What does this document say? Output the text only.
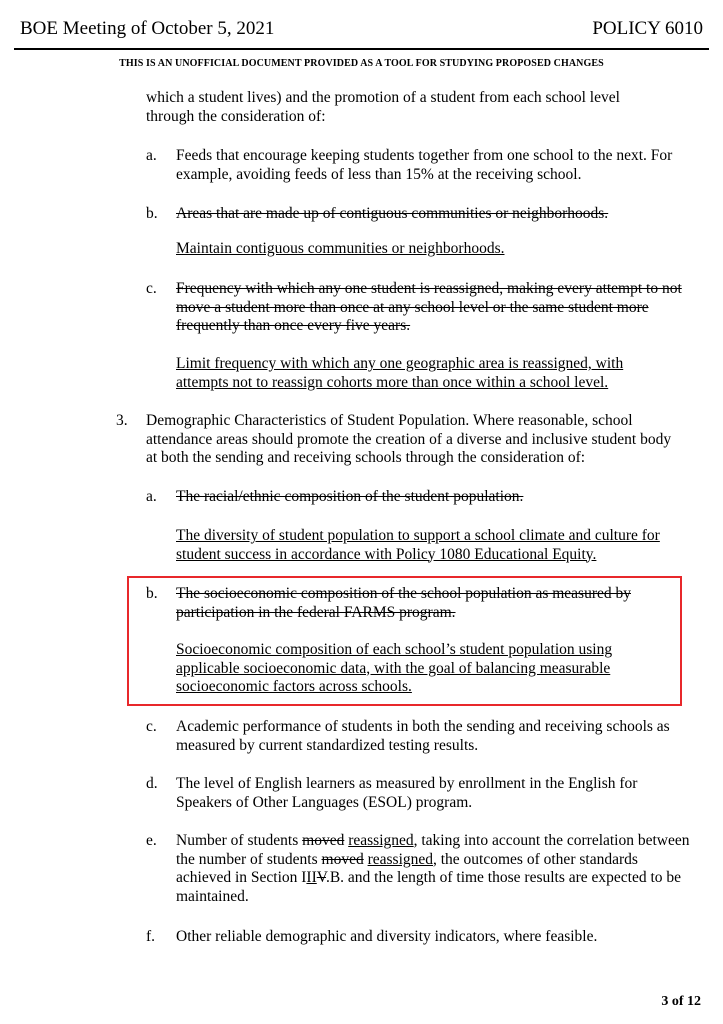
BOE Meeting of October 5, 2021	POLICY 6010
THIS IS AN UNOFFICIAL DOCUMENT PROVIDED AS A TOOL FOR STUDYING PROPOSED CHANGES
which a student lives) and the promotion of a student from each school level through the consideration of:
a. Feeds that encourage keeping students together from one school to the next. For example, avoiding feeds of less than 15% at the receiving school.
b. Areas that are made up of contiguous communities or neighborhoods.
Maintain contiguous communities or neighborhoods.
c. Frequency with which any one student is reassigned, making every attempt to not move a student more than once at any school level or the same student more frequently than once every five years.
Limit frequency with which any one geographic area is reassigned, with attempts not to reassign cohorts more than once within a school level.
3. Demographic Characteristics of Student Population. Where reasonable, school attendance areas should promote the creation of a diverse and inclusive student body at both the sending and receiving schools through the consideration of:
a. The racial/ethnic composition of the student population.
The diversity of student population to support a school climate and culture for student success in accordance with Policy 1080 Educational Equity.
b. The socioeconomic composition of the school population as measured by participation in the federal FARMS program.
Socioeconomic composition of each school’s student population using applicable socioeconomic data, with the goal of balancing measurable socioeconomic factors across schools.
c. Academic performance of students in both the sending and receiving schools as measured by current standardized testing results.
d. The level of English learners as measured by enrollment in the English for Speakers of Other Languages (ESOL) program.
e. Number of students moved reassigned, taking into account the correlation between the number of students moved reassigned, the outcomes of other standards achieved in Section IIIV.B. and the length of time those results are expected to be maintained.
f. Other reliable demographic and diversity indicators, where feasible.
3 of 12
